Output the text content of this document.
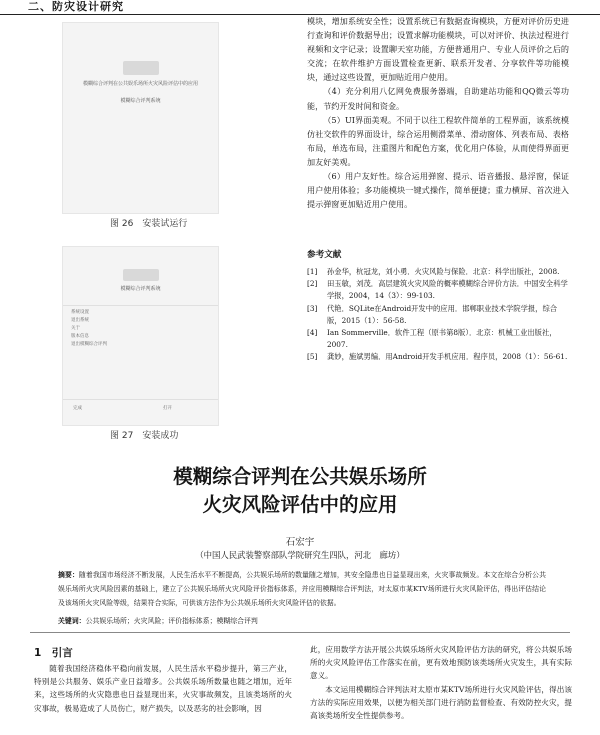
二、防灾设计研究
模糊综合评判在公共娱乐场所火灾风险评估中的应用
模糊综合评判系统
图 26　安装试运行
模糊综合评判系统
系统设置
退出系统
关于
版本信息
退出模糊综合评判
完成	打开
图 27　安装成功

模块，增加系统安全性；设置系统已有数据查询模块，方便对评价历史进行查询和评价数据导出；设置求解功能模块，可以对评价、执法过程进行视频和文字记录；设置聊天室功能，方便普通用户、专业人员评价之后的交流；在软件维护方面设置检查更新、联系开发者、分享软件等功能模块，通过这些设置，更加贴近用户使用。

（4）充分利用八亿网免费服务器端，自助建站功能和QQ微云等功能，节约开发时间和资金。

（5）UI界面美观。不同于以往工程软件简单的工程界面，该系统模仿社交软件的界面设计，综合运用侧滑菜单、滑动窗体、列表布局、表格布局，单选布局，注重图片和配色方案，优化用户体验，从而使得界面更加友好美观。

（6）用户友好性。综合运用弹窗、提示、语音播报、悬浮窗，保证用户使用体验；多功能模块一键式操作，简单便捷；重力横屏、首次进入提示弹窗更加贴近用户使用。

参考文献
[1]	孙金华，杭冠龙，刘小勇．火灾风险与保险．北京：科学出版社，2008.
[2]	田玉敏，刘茂．高层建筑火灾风险的概率模糊综合评价方法．中国安全科学学报，2004，14（3）：99-103.
[3]	代艳．SQLite在Android开发中的应用．邯郸职业技术学院学报，综合版，2015（1）：56-58.
[4]	Ian Sommerville．软件工程（原书第8版）．北京：机械工业出版社，2007.
[5]	龚妙，施斌男编．用Android开发手机应用．程序员，2008（1）：56-61.
模糊综合评判在公共娱乐场所
火灾风险评估中的应用
石宏宇
（中国人民武装警察部队学院研究生四队，河北　廊坊）
摘要：随着我国市场经济不断发展，人民生活水平不断提高，公共娱乐场所的数量随之增加，其安全隐患也日益显现出来，火灾事故频发。本文在综合分析公共娱乐场所火灾风险因素的基础上，建立了公共娱乐场所火灾风险评价指标体系，并应用模糊综合评判法，对太原市某KTV场所进行火灾风险评估，得出评估结论及该场所火灾风险等级，结果符合实际，可供该方法作为公共娱乐场所火灾风险评估的依据。
关键词：公共娱乐场所；火灾风险；评价指标体系；模糊综合评判
1　引言

随着我国经济稳体平稳向前发展，人民生活水平稳步提升，第三产业，特别是公共服务、娱乐产业日益增多。公共娱乐场所数量也随之增加，近年来，这些场所的火灾隐患也日益显现出来，火灾事故频发，且该类场所的火灾事故，极易造成了人员伤亡，财产损失，以及恶劣的社会影响，因

此，应用数学方法开展公共娱乐场所火灾风险评估方法的研究，将公共娱乐场所的火灾风险评估工作落实在前，更有效地预防该类场所火灾发生，具有实际意义。

本文运用模糊综合评判法对太原市某KTV场所进行火灾风险评估，得出该方法的实际应用效果，以便为相关部门进行消防监督检查、有效防控火灾，提高该类场所安全性提供参考。
